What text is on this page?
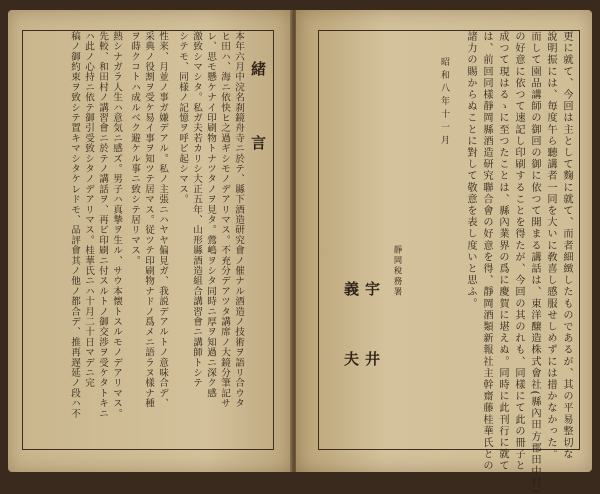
緒　言
本年六月中浣名刹鏡舟寺ニ於テ、縣下酒造研究會ノ催ナル酒造ノ技術ヲ語リ合ウタ
ヒ田ハ、海ニ依快ヒ之過ギシモノデアリマス。不充分デアツタ講席ノ大鏡分筆記サ
レ、思モ懸ケナイ印刷物トナツタノヲ見タ。鶯嶋ヲシタ同時ニ厚ヲ知過ニ深ク感
激致シマシタ。私ガ夫若カリシ大正五年、山形縣酒造組合講習會ニ講師トシテ
シテモ、同様ノ記憶ヲ呼ビ起シマス。
性来、月並ノ事ガ嫌デアル。私ノ主張ニハヤヤ偏見ガ、我説デアルトノ意味合デ、
采典ノ役割ヲ受ケ易イ事ヲ知ツテ居マス。従ツテ印刷物ナドノ爲メニ語ラヌ樣ナ種
ヲ蒔クコトハ成ルベク避ケル事ニ致シテ居リマス。
熱シナガラ人生ハ意気ニ感ズ。男子ハ真摯ヲ生ル、サウ本懐トスルモノデアリマス。
先較、和田村ノ講習會ニ於テノ講話ヲ、再ビ印刷ニ付スルトノ御交渉ヲ受ケタトキニ
ハ此ノ心持ニ依テ御引受致シタノデアリマス。桂華氏ニハ十月二十日マデニ完
稿ノ御約束ヲ致シテ置キマシタケレドモ、品評會其ノ他ノ都合デ、推再遅延ノ段ハ不	更に就て、今回は主として麴に就て、而者細緻したものであるが、其の平易整切な
說明振には、毎度午ら聽講者一同を大いに敎喜し感服せしめずには措かなかった。
而して園品講師の御回の御に依つて開まる講話は、東洋醸造株式會社(縣內田方郡田中村)
の好意に依つて速記し印刷することを得たが、今回の其のれも、同樣にて此の冊子と
成つて現はるゝに至つたことは、縣內業界の爲に慶賀に堪えぬ。同時に此刊行に就て
は、前回同樣靜岡縣酒造研究聯合會の好意を得、靜岡酒類新報社主幹齋藤桂華氏との
諸力の賜からぬことに對して敬意を表し度いと思ふ。
昭和八年十一月
靜岡稅務署
宇　井　義　夫
